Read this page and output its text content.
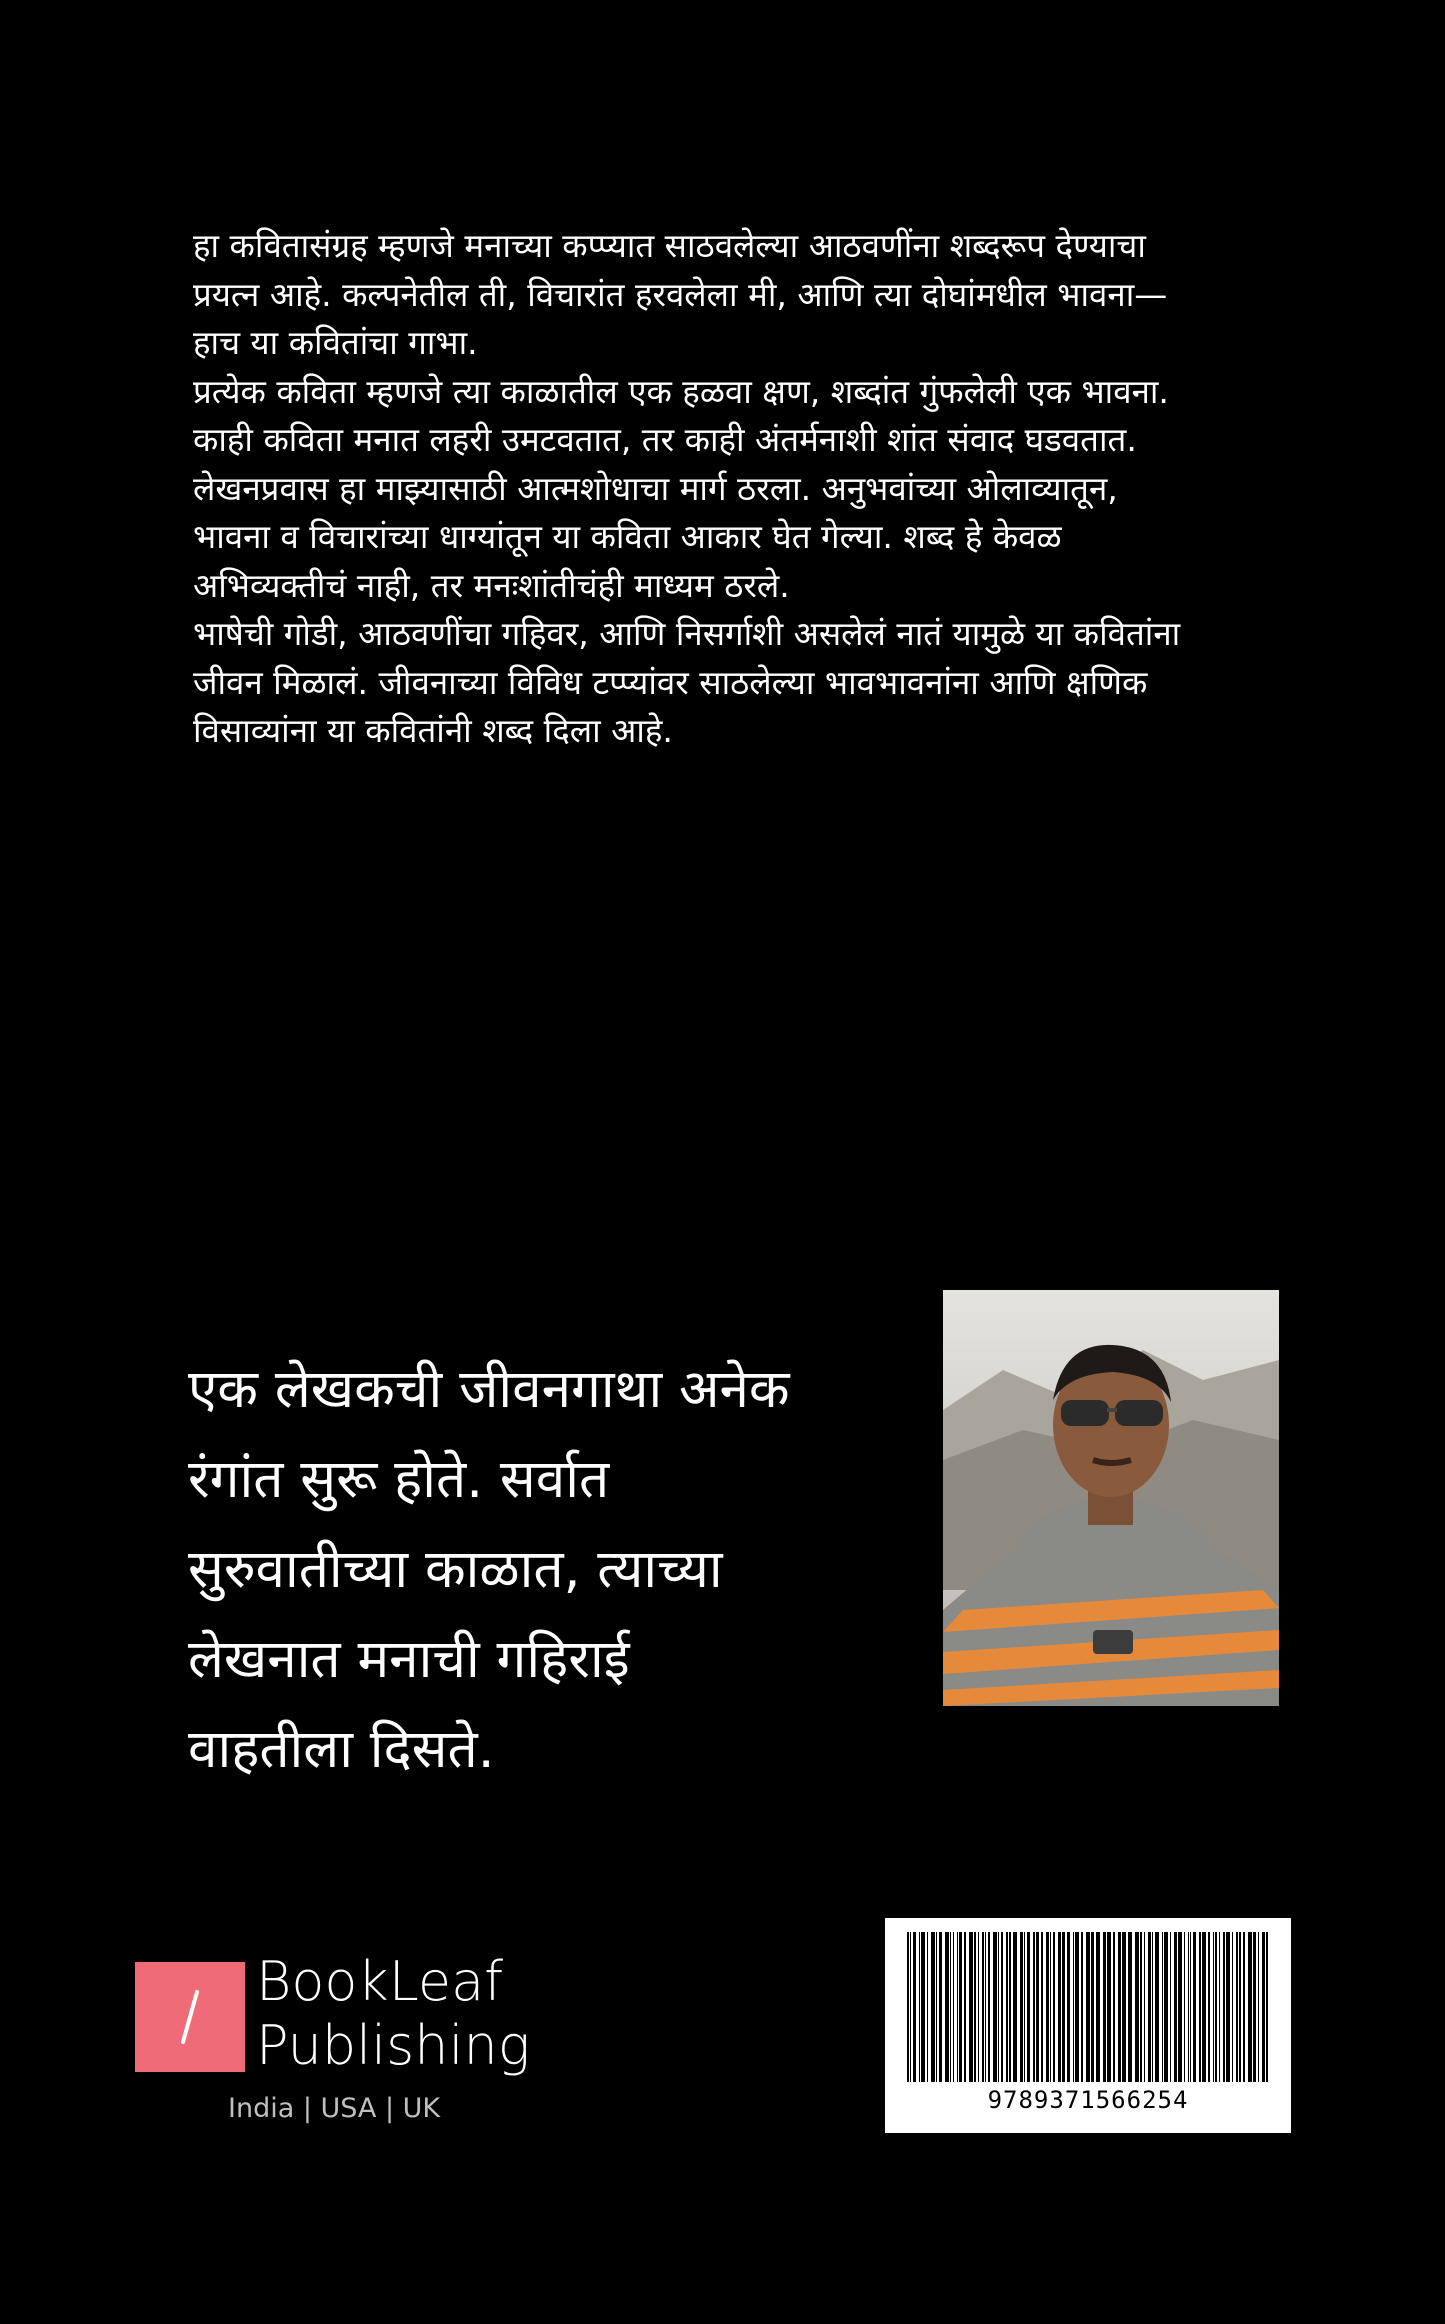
हा कवितासंग्रह म्हणजे मनाच्या कप्प्यात साठवलेल्या आठवणींना शब्दरूप देण्याचा प्रयत्न आहे. कल्पनेतील ती, विचारांत हरवलेला मी, आणि त्या दोघांमधील भावना—हाच या कवितांचा गाभा.

प्रत्येक कविता म्हणजे त्या काळातील एक हळवा क्षण, शब्दांत गुंफलेली एक भावना. काही कविता मनात लहरी उमटवतात, तर काही अंतर्मनाशी शांत संवाद घडवतात.

लेखनप्रवास हा माझ्यासाठी आत्मशोधाचा मार्ग ठरला. अनुभवांच्या ओलाव्यातून, भावना व विचारांच्या धाग्यांतून या कविता आकार घेत गेल्या. शब्द हे केवळ अभिव्यक्तीचं नाही, तर मनःशांतीचंही माध्यम ठरले.

भाषेची गोडी, आठवणींचा गहिवर, आणि निसर्गाशी असलेलं नातं यामुळे या कवितांना जीवन मिळालं. जीवनाच्या विविध टप्प्यांवर साठलेल्या भावभावनांना आणि क्षणिक विसाव्यांना या कवितांनी शब्द दिला आहे.

एक लेखकची जीवनगाथा अनेक
रंगांत सुरू होते. सर्वात
सुरुवातीच्या काळात, त्याच्या
लेखनात मनाची गहिराई
वाहतीला दिसते.
BookLeaf
Publishing
India | USA | UK	9789371566254
